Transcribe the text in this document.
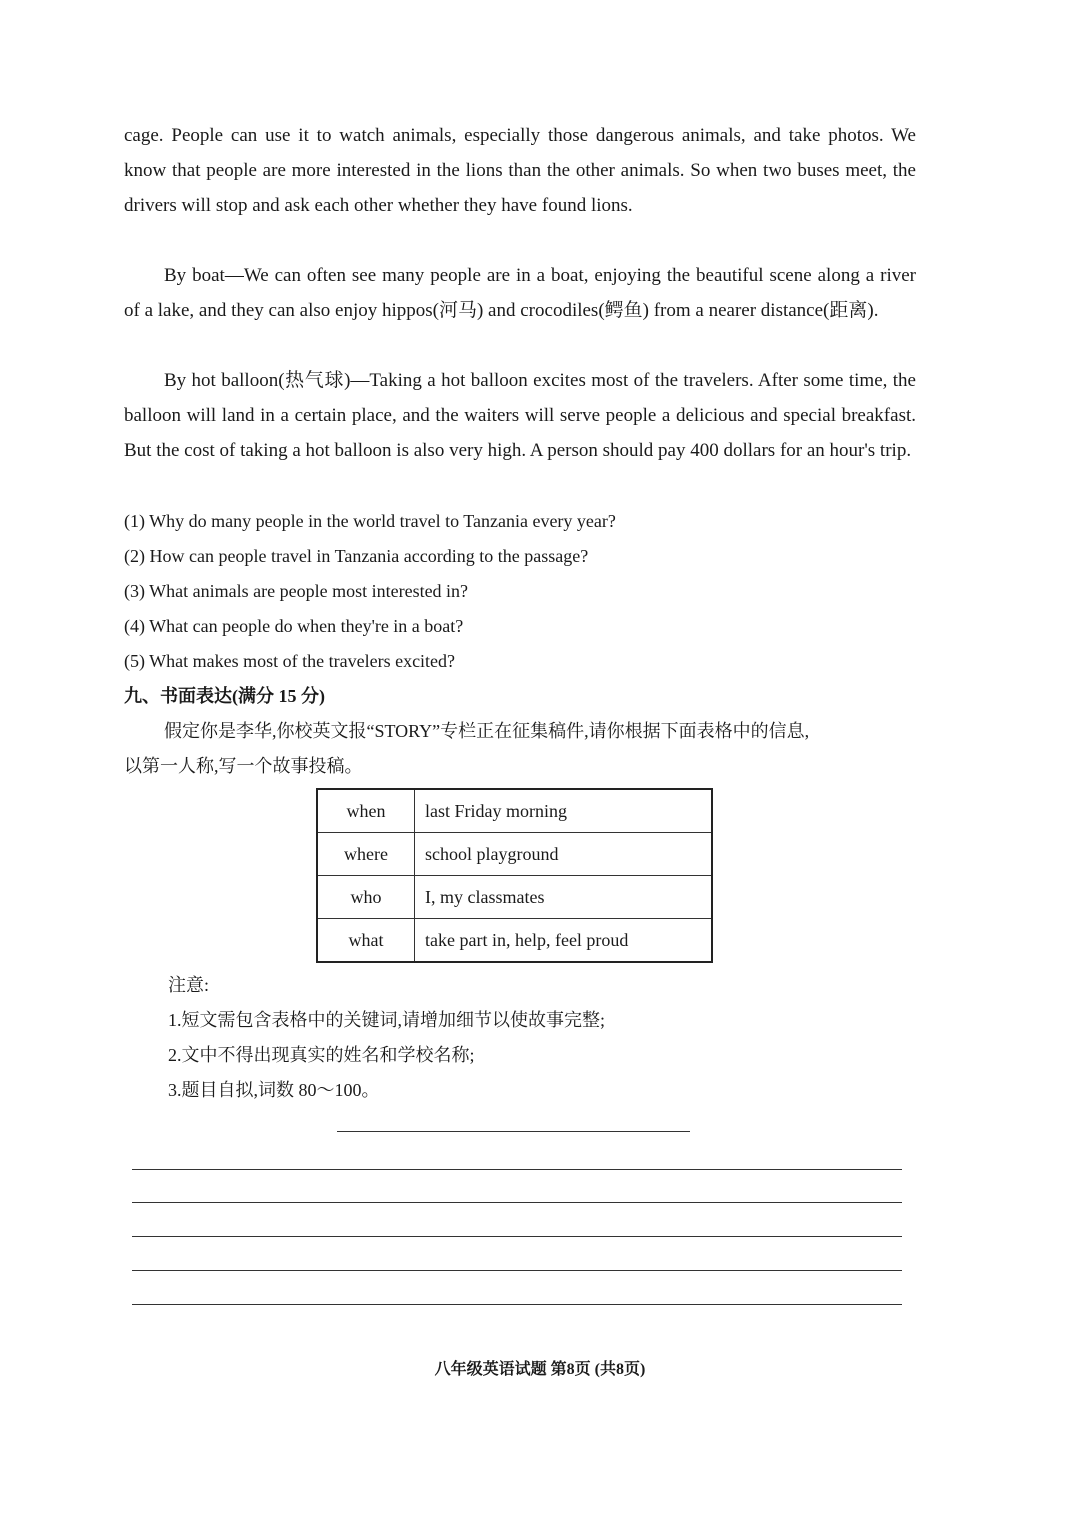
cage. People can use it to watch animals, especially those dangerous animals, and take photos. We know that people are more interested in the lions than the other animals. So when two buses meet, the drivers will stop and ask each other whether they have found lions.

By boat—We can often see many people are in a boat, enjoying the beautiful scene along a river of a lake, and they can also enjoy hippos(河马) and crocodiles(鳄鱼) from a nearer distance(距离).

By hot balloon(热气球)—Taking a hot balloon excites most of the travelers. After some time, the balloon will land in a certain place, and the waiters will serve people a delicious and special breakfast. But the cost of taking a hot balloon is also very high. A person should pay 400 dollars for an hour's trip.

(1) Why do many people in the world travel to Tanzania every year?
(2) How can people travel in Tanzania according to the passage?
(3) What animals are people most interested in?
(4) What can people do when they're in a boat?
(5) What makes most of the travelers excited?
九、书面表达(满分 15 分)
假定你是李华,你校英文报“STORY”专栏正在征集稿件,请你根据下面表格中的信息,
以第一人称,写一个故事投稿。
when	last Friday morning
where	school playground
who	I, my classmates
what	take part in, help, feel proud
注意:
1.短文需包含表格中的关键词,请增加细节以使故事完整;
2.文中不得出现真实的姓名和学校名称;
3.题目自拟,词数 80～100。
八年级英语试题 第8页 (共8页)
